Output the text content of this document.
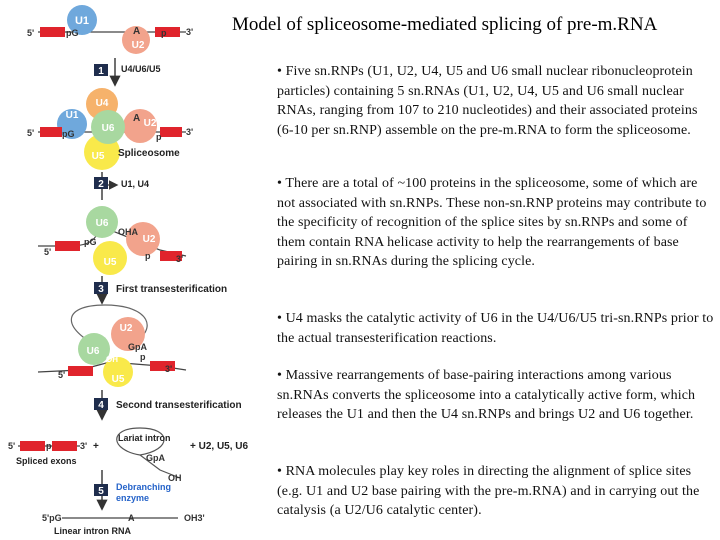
U1
U2
5'	3'
pG	A p
1 U4/U6/U5
U4
U1
U6	U2
U5
A
pG	p
5'	3'
Spliceosome
2 U1, U4
U6
U2
U5
pG
OHA
p
5'
3'
3 First transesterification
U2
U6
U5
GpA
OH p
5'
3'
4 Second transesterification
5'	p	3' +
Spliced exons
Lariat intron
GpA
OH
+ U2, U5, U6
5 Debranching
enzyme
5'pG	A	OH3'
Linear intron RNA
Model of spliceosome-mediated splicing of pre-m.RNA
• Five sn.RNPs (U1, U2, U4, U5 and U6 small nuclear ribonucleoprotein particles) containing 5 sn.RNAs (U1, U2, U4, U5 and U6 small nuclear RNAs, ranging from 107 to 210 nucleotides) and their associated proteins (6-10 per sn.RNP) assemble on the pre-m.RNA to form the spliceosome.
• There are a total of ~100 proteins in the spliceosome, some of which are not associated with sn.RNPs. These non-sn.RNP proteins may contribute to the specificity of recognition of the splice sites by sn.RNPs and some of them contain RNA helicase activity to help the rearrangements of base pairing in sn.RNAs during the splicing cycle.
• U4 masks the catalytic activity of U6 in the U4/U6/U5 tri-sn.RNPs prior to the actual transesterification reactions.
• Massive rearrangements of base-pairing interactions among various sn.RNAs converts the spliceosome into a catalytically active form, which releases the U1 and then the U4 sn.RNPs and brings U2 and U6 together.
• RNA molecules play key roles in directing the alignment of splice sites (e.g. U1 and U2 base pairing with the pre-m.RNA) and in carrying out the catalysis (a U2/U6 catalytic center).
